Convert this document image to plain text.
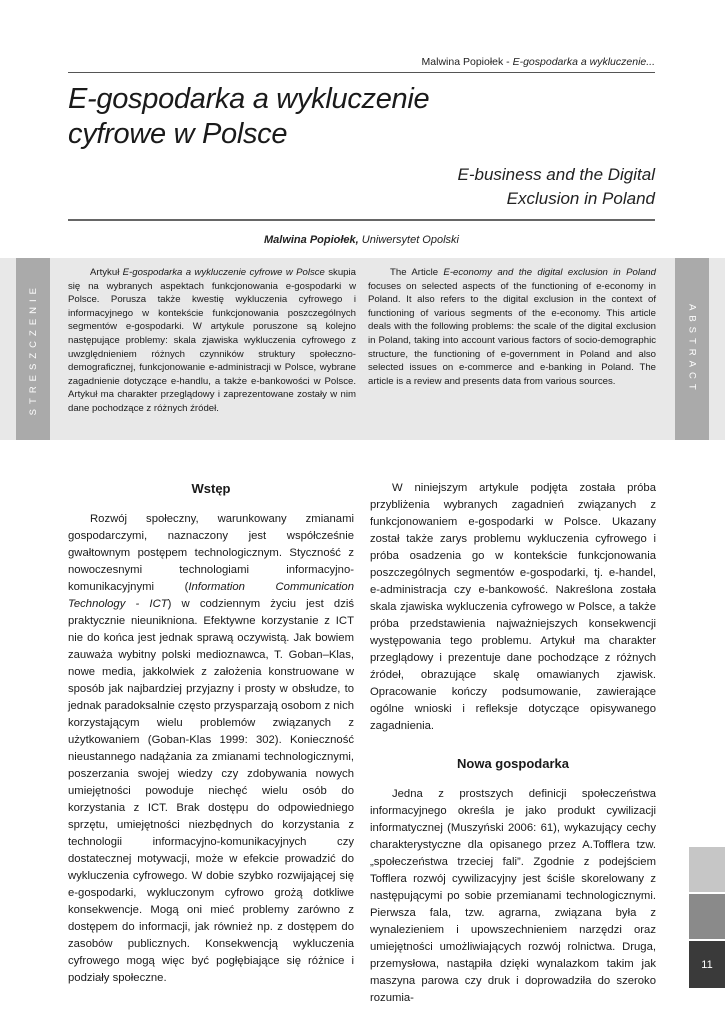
Malwina Popiołek - E-gospodarka a wykluczenie...
E-gospodarka a wykluczenie
cyfrowe w Polsce
E-business and the Digital
Exclusion in Poland
Malwina Popiołek, Uniwersytet Opolski
STRESZCZENIE	ABSTRACT

Artykuł E-gospodarka a wykluczenie cyfrowe w Polsce skupia się na wybranych aspektach funkcjonowania e-gospodarki w Polsce. Porusza także kwestię wykluczenia cyfrowego i informacyjnego w kontekście funkcjonowania poszczególnych segmentów e-gospodarki. W artykule poruszone są kolejno następujące problemy: skala zjawiska wykluczenia cyfrowego z uwzględnieniem różnych czynników struktury społeczno-demograficznej, funkcjonowanie e-administracji w Polsce, wybrane zagadnienie dotyczące e-handlu, a także e-bankowości w Polsce. Artykuł ma charakter przeglądowy i zaprezentowane zostały w nim dane pochodzące z różnych źródeł.

The Article E-economy and the digital exclusion in Poland focuses on selected aspects of the functioning of e-economy in Poland. It also refers to the digital exclusion in the context of functioning of various segments of the e-economy. This article deals with the following problems: the scale of the digital exclusion in Poland, taking into account various factors of socio-demographic structure, the functioning of e-government in Poland and also selected issues on e-commerce and e-banking in Poland. The article is a review and presents data from various sources.

Wstęp

Rozwój społeczny, warunkowany zmianami gospodarczymi, naznaczony jest współcześnie gwałtownym postępem technologicznym. Styczność z nowoczesnymi technologiami informacyjno-komunikacyjnymi (Information Communication Technology - ICT) w codziennym życiu jest dziś praktycznie nieunikniona. Efektywne korzystanie z ICT nie do końca jest jednak sprawą oczywistą. Jak bowiem zauważa wybitny polski medioznawca, T. Goban–Klas, nowe media, jakkolwiek z założenia konstruowane w sposób jak najbardziej przyjazny i prosty w obsłudze, to jednak paradoksalnie często przysparzają osobom z nich korzystającym wielu problemów związanych z użytkowaniem (Goban-Klas 1999: 302). Konieczność nieustannego nadążania za zmianami technologicznymi, poszerzania swojej wiedzy czy zdobywania nowych umiejętności powoduje niechęć wielu osób do korzystania z ICT. Brak dostępu do odpowiedniego sprzętu, umiejętności niezbędnych do korzystania z technologii informacyjno-komunikacyjnych czy dostatecznej motywacji, może w efekcie prowadzić do wykluczenia cyfrowego. W dobie szybko rozwijającej się e-gospodarki, wykluczonym cyfrowo grożą dotkliwe konsekwencje. Mogą oni mieć problemy zarówno z dostępem do informacji, jak również np. z dostępem do zasobów publicznych. Konsekwencją wykluczenia cyfrowego mogą więc być pogłębiające się różnice i podziały społeczne.

W niniejszym artykule podjęta została próba przybliżenia wybranych zagadnień związanych z funkcjonowaniem e-gospodarki w Polsce. Ukazany został także zarys problemu wykluczenia cyfrowego i próba osadzenia go w kontekście funkcjonowania poszczególnych segmentów e-gospodarki, tj. e-handel, e-administracja czy e-bankowość. Nakreślona została skala zjawiska wykluczenia cyfrowego w Polsce, a także próba przedstawienia najważniejszych konsekwencji występowania tego problemu. Artykuł ma charakter przeglądowy i prezentuje dane pochodzące z różnych źródeł, obrazujące skalę omawianych zjawisk. Opracowanie kończy podsumowanie, zawierające ogólne wnioski i refleksje dotyczące opisywanego zagadnienia.

Nowa gospodarka

Jedna z prostszych definicji społeczeństwa informacyjnego określa je jako produkt cywilizacji informatycznej (Muszyński 2006: 61), wykazujący cechy charakterystyczne dla opisanego przez A.Tofflera tzw. „społeczeństwa trzeciej fali”. Zgodnie z podejściem Tofflera rozwój cywilizacyjny jest ściśle skorelowany z następującymi po sobie przemianami technologicznymi. Pierwsza fala, tzw. agrarna, związana była z wynalezieniem i upowszechnieniem narzędzi oraz umiejętności umożliwiających rozwój rolnictwa. Druga, przemysłowa, nastąpiła dzięki wynalazkom takim jak maszyna parowa czy druk i doprowadziła do szeroko rozumia-

11
